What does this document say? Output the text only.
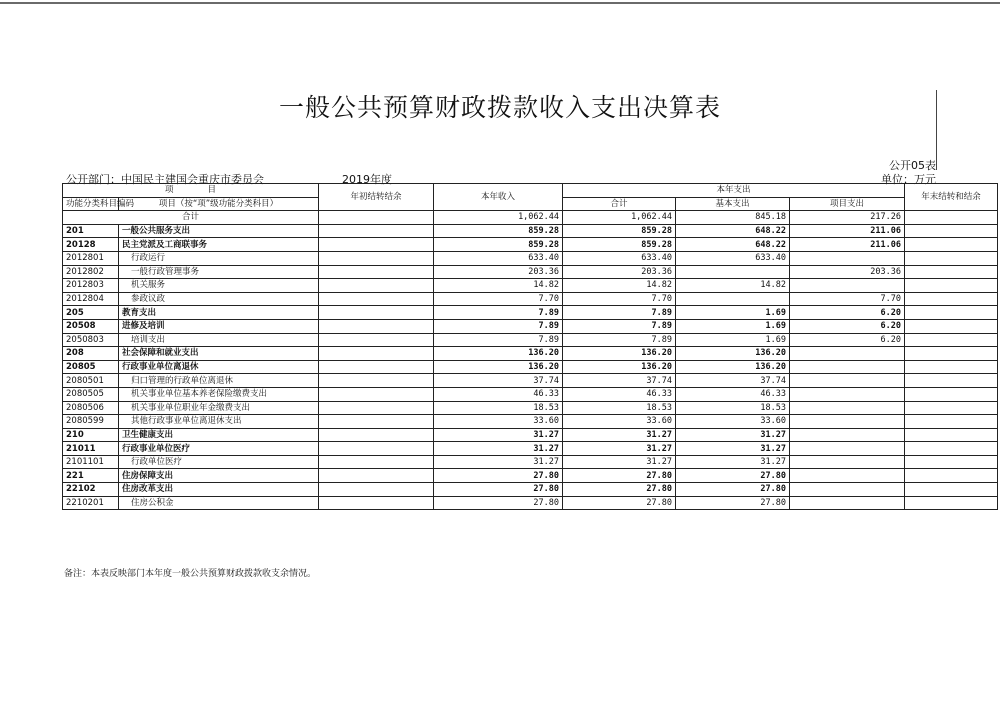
一般公共预算财政拨款收入支出决算表
公开05表
公开部门：中国民主建国会重庆市委员会	2019年度	单位：万元
项　　　　目		年初结转结余	本年收入	本年支出			年末结转和结余
功能分类科目编码	项目（按“项”级功能分类科目）			合计	基本支出	项目支出	

合计			1,062.44	1,062.44	845.18	217.26	
201	一般公共服务支出		859.28	859.28	648.22	211.06	
20128	民主党派及工商联事务		859.28	859.28	648.22	211.06	
2012801	行政运行		633.40	633.40	633.40		
2012802	一般行政管理事务		203.36	203.36		203.36	
2012803	机关服务		14.82	14.82	14.82		
2012804	参政议政		7.70	7.70		7.70	
205	教育支出		7.89	7.89	1.69	6.20	
20508	进修及培训		7.89	7.89	1.69	6.20	
2050803	培训支出		7.89	7.89	1.69	6.20	
208	社会保障和就业支出		136.20	136.20	136.20		
20805	行政事业单位离退休		136.20	136.20	136.20		
2080501	归口管理的行政单位离退休		37.74	37.74	37.74		
2080505	机关事业单位基本养老保险缴费支出		46.33	46.33	46.33		
2080506	机关事业单位职业年金缴费支出		18.53	18.53	18.53		
2080599	其他行政事业单位离退休支出		33.60	33.60	33.60		
210	卫生健康支出		31.27	31.27	31.27		
21011	行政事业单位医疗		31.27	31.27	31.27		
2101101	行政单位医疗		31.27	31.27	31.27		
221	住房保障支出		27.80	27.80	27.80		
22102	住房改革支出		27.80	27.80	27.80		
2210201	住房公积金		27.80	27.80	27.80		
备注：本表反映部门本年度一般公共预算财政拨款收支余情况。
